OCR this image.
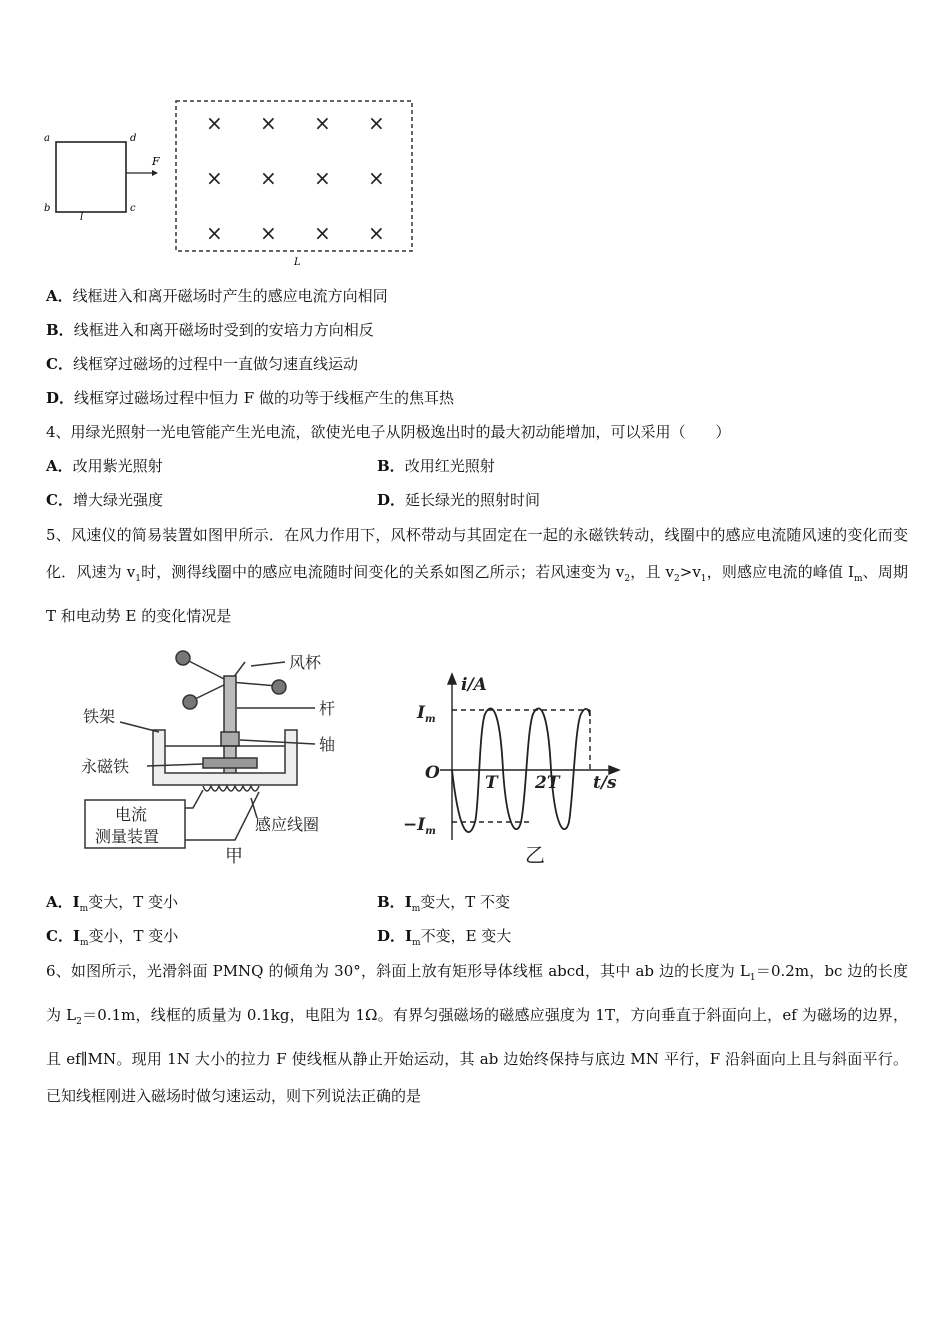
a	d
b	c
l
F
× × × ×
× × × ×
× × × ×
L
A．线框进入和离开磁场时产生的感应电流方向相同
B．线框进入和离开磁场时受到的安培力方向相反
C．线框穿过磁场的过程中一直做匀速直线运动
D．线框穿过磁场过程中恒力 F 做的功等于线框产生的焦耳热
4、用绿光照射一光电管能产生光电流，欲使光电子从阴极逸出时的最大初动能增加，可以采用（　　）
A．改用紫光照射	B．改用红光照射
C．增大绿光强度	D．延长绿光的照射时间
5、风速仪的简易装置如图甲所示．在风力作用下，风杯带动与其固定在一起的永磁铁转动，线圈中的感应电流随风速的变化而变化．风速为 $v_1$时，测得线圈中的感应电流随时间变化的关系如图乙所示；若风速变为 $v_2$，且 $v_2>v_1$，则感应电流的峰值 $I_m$、周期 T 和电动势 E 的变化情况是
风杯
杆
铁架
轴
永磁铁
电流
测量装置
感应线圈
甲
i/A
$I_m$
O	T 2T t/s
$-I_m$
乙
A．$I_m$变大，T 变小	B．$I_m$变大，T 不变
C．$I_m$变小，T 变小	D．$I_m$不变，E 变大
6、如图所示，光滑斜面 PMNQ 的倾角为 30°，斜面上放有矩形导体线框 abcd，其中 ab 边的长度为 $L_1=0.2m$，bc 边的长度为 $L_2=0.1m$，线框的质量为 0.1kg，电阻为 1Ω。有界匀强磁场的磁感应强度为 1T，方向垂直于斜面向上，ef 为磁场的边界，且 ef∥MN。现用 1N 大小的拉力 F 使线框从静止开始运动，其 ab 边始终保持与底边 MN 平行，F 沿斜面向上且与斜面平行。已知线框刚进入磁场时做匀速运动，则下列说法正确的是
